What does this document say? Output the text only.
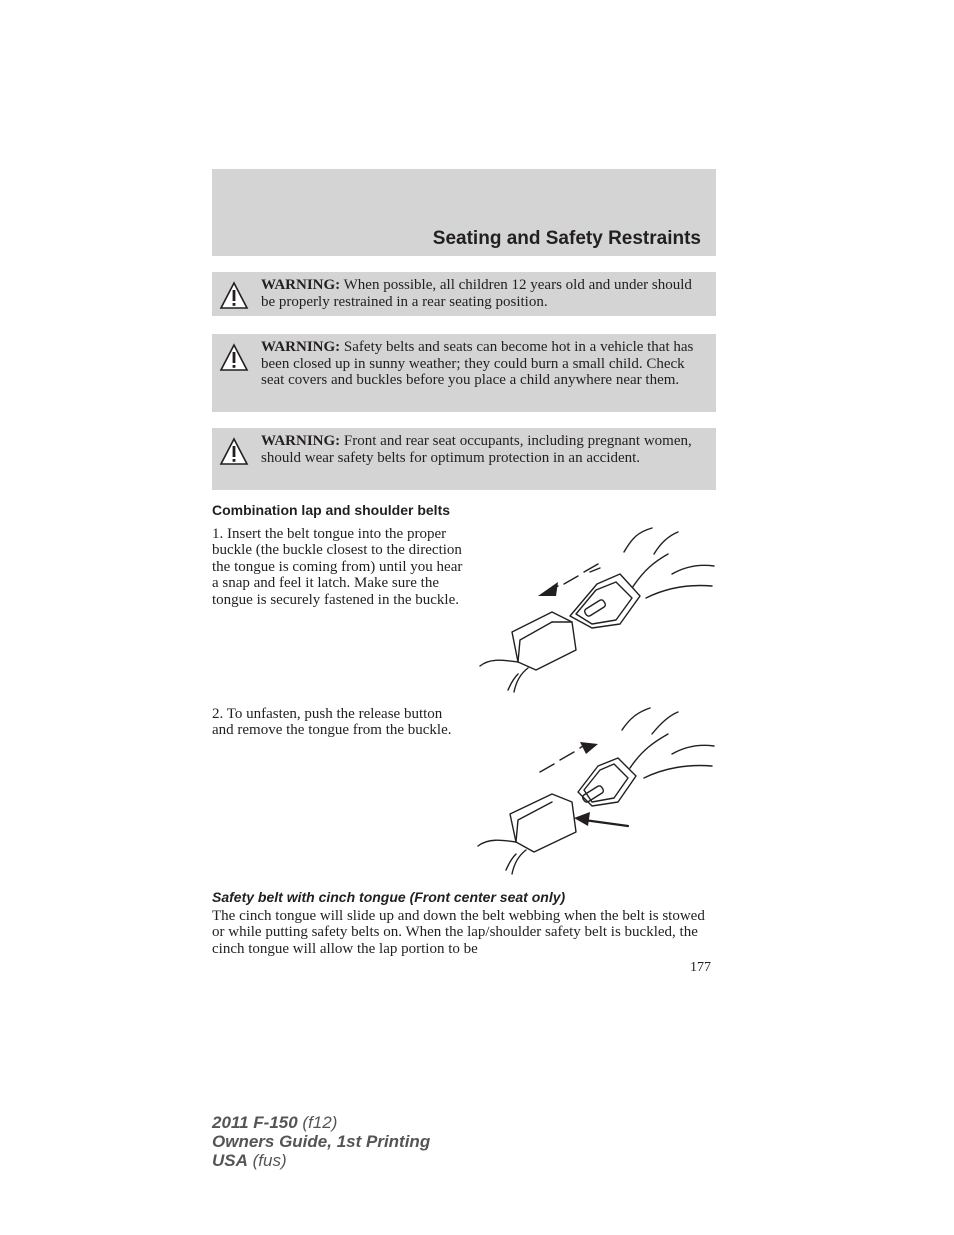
Seating and Safety Restraints
WARNING: When possible, all children 12 years old and under should be properly restrained in a rear seating position.
WARNING: Safety belts and seats can become hot in a vehicle that has been closed up in sunny weather; they could burn a small child. Check seat covers and buckles before you place a child anywhere near them.
WARNING: Front and rear seat occupants, including pregnant women, should wear safety belts for optimum protection in an accident.
Combination lap and shoulder belts

1. Insert the belt tongue into the proper buckle (the buckle closest to the direction the tongue is coming from) until you hear a snap and feel it latch. Make sure the tongue is securely fastened in the buckle.

2. To unfasten, push the release button and remove the tongue from the buckle.

Safety belt with cinch tongue (Front center seat only)

The cinch tongue will slide up and down the belt webbing when the belt is stowed or while putting safety belts on. When the lap/shoulder safety belt is buckled, the cinch tongue will allow the lap portion to be

177
2011 F-150 (f12)
Owners Guide, 1st Printing
USA (fus)
